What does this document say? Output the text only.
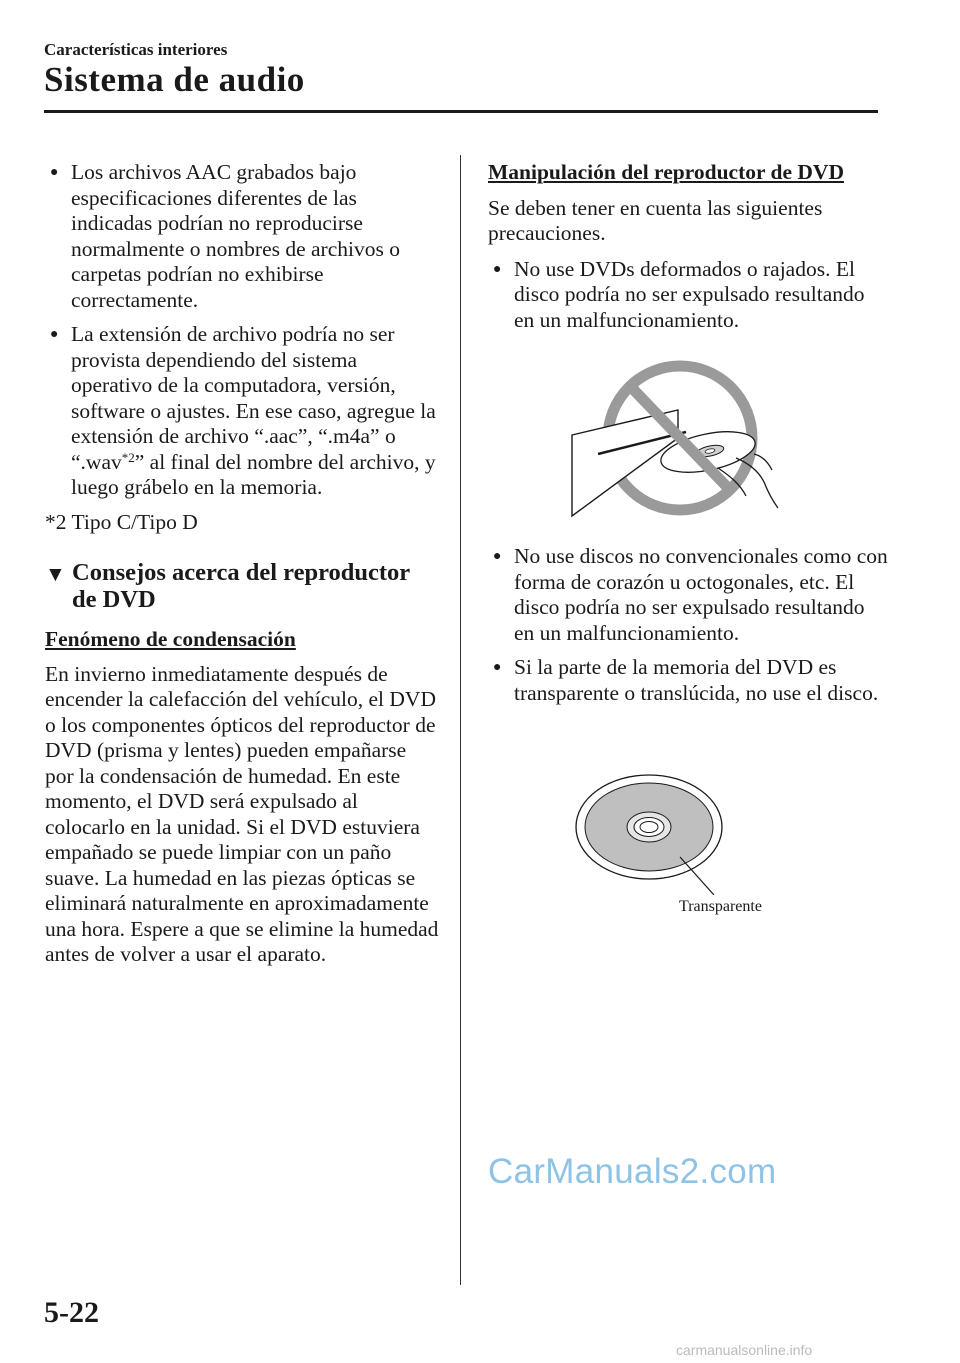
Características interiores
Sistema de audio
● Los archivos AAC grabados bajo especificaciones diferentes de las indicadas podrían no reproducirse normalmente o nombres de archivos o carpetas podrían no exhibirse correctamente.
● La extensión de archivo podría no ser provista dependiendo del sistema operativo de la computadora, versión, software o ajustes. En ese caso, agregue la extensión de archivo “.aac”, “.m4a” o “.wav$^{*2}$” al final del nombre del archivo, y luego grábelo en la memoria.
*2 Tipo C/Tipo D
▼ Consejos acerca del reproductor de DVD
Fenómeno de condensación

En invierno inmediatamente después de encender la calefacción del vehículo, el DVD o los componentes ópticos del reproductor de DVD (prisma y lentes) pueden empañarse por la condensación de humedad. En este momento, el DVD será expulsado al colocarlo en la unidad. Si el DVD estuviera empañado se puede limpiar con un paño suave. La humedad en las piezas ópticas se eliminará naturalmente en aproximadamente una hora. Espere a que se elimine la humedad antes de volver a usar el aparato.

Manipulación del reproductor de DVD

Se deben tener en cuenta las siguientes precauciones.

● No use DVDs deformados o rajados. El disco podría no ser expulsado resultando en un malfuncionamiento.
● No use discos no convencionales como con forma de corazón u octogonales, etc. El disco podría no ser expulsado resultando en un malfuncionamiento.
● Si la parte de la memoria del DVD es transparente o translúcida, no use el disco.
Transparente
CarManuals2.com
5-22
carmanualsonline.info
